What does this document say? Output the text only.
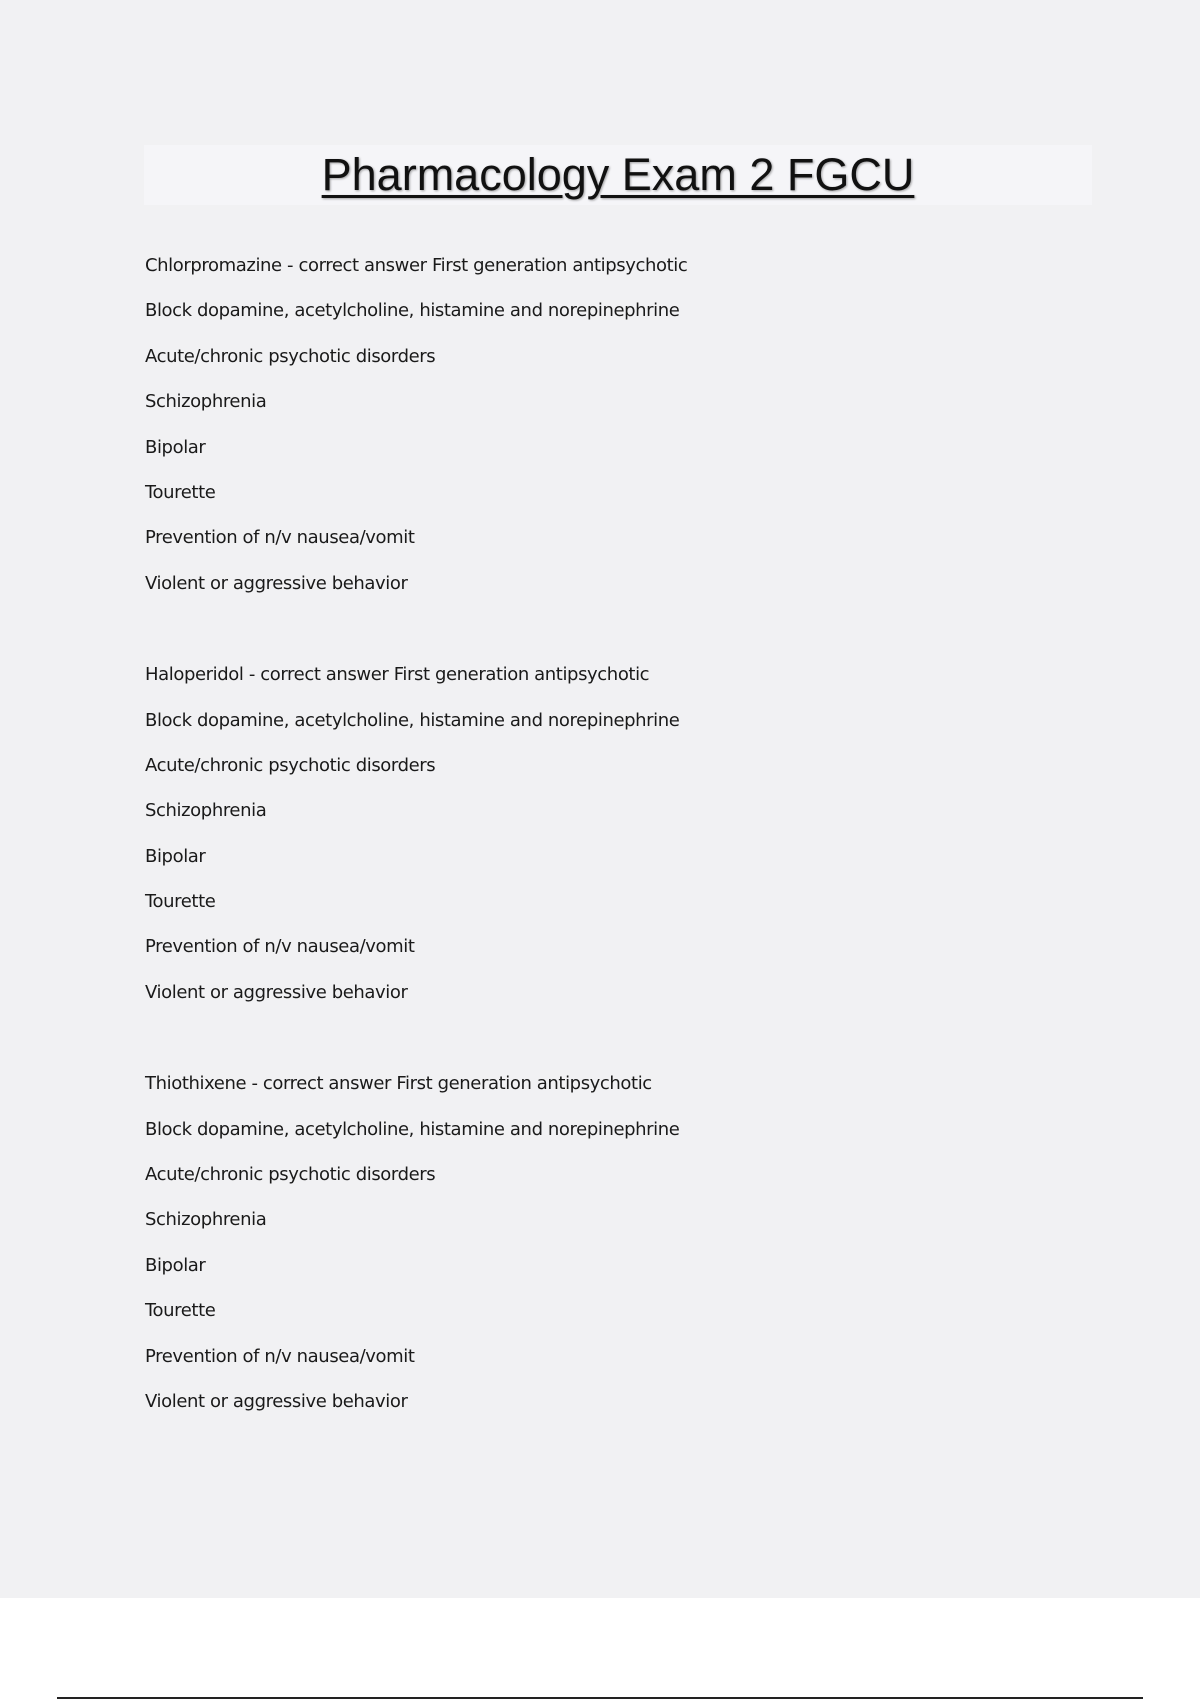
Pharmacology Exam 2 FGCU
Chlorpromazine - correct answer First generation antipsychotic
Block dopamine, acetylcholine, histamine and norepinephrine
Acute/chronic psychotic disorders
Schizophrenia
Bipolar
Tourette
Prevention of n/v nausea/vomit
Violent or aggressive behavior
Haloperidol - correct answer First generation antipsychotic
Block dopamine, acetylcholine, histamine and norepinephrine
Acute/chronic psychotic disorders
Schizophrenia
Bipolar
Tourette
Prevention of n/v nausea/vomit
Violent or aggressive behavior
Thiothixene - correct answer First generation antipsychotic
Block dopamine, acetylcholine, histamine and norepinephrine
Acute/chronic psychotic disorders
Schizophrenia
Bipolar
Tourette
Prevention of n/v nausea/vomit
Violent or aggressive behavior
